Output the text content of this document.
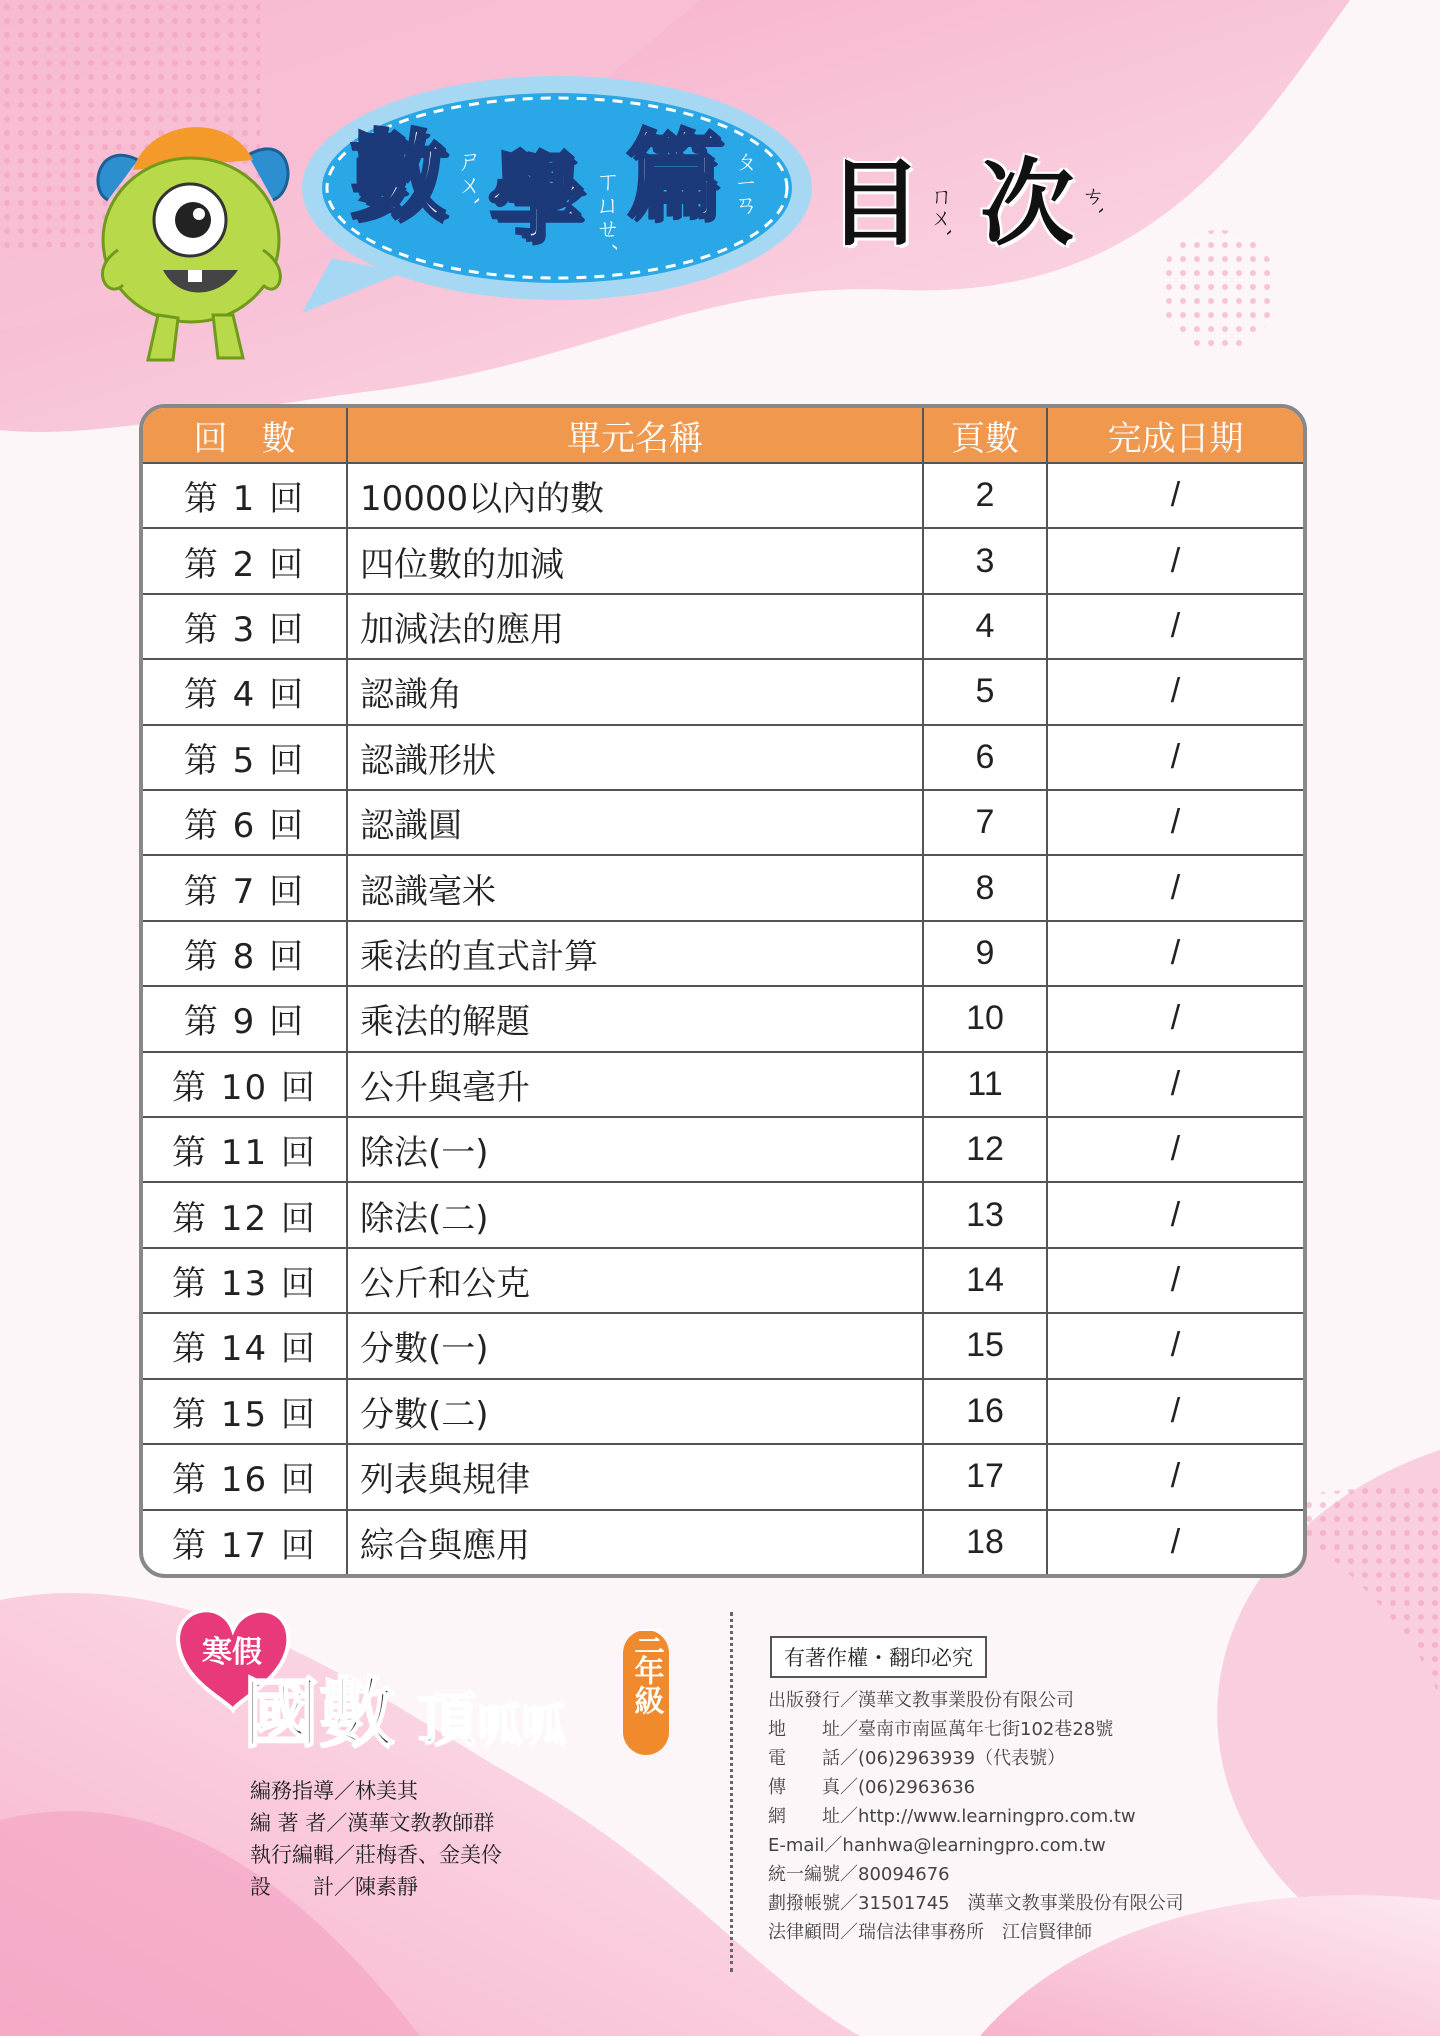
數 ㄕㄨˋ 學 ㄒㄩㄝˊ 篇 ㄆㄧㄢ 目 ㄇㄨˋ 次 ㄘˋ
回　數	單元名稱	頁數	完成日期
第 1 回	10000以內的數	2	/
第 2 回	四位數的加減	3	/
第 3 回	加減法的應用	4	/
第 4 回	認識角	5	/
第 5 回	認識形狀	6	/
第 6 回	認識圓	7	/
第 7 回	認識毫米	8	/
第 8 回	乘法的直式計算	9	/
第 9 回	乘法的解題	10	/
第 10 回	公升與毫升	11	/
第 11 回	除法(一)	12	/
第 12 回	除法(二)	13	/
第 13 回	公斤和公克	14	/
第 14 回	分數(一)	15	/
第 15 回	分數(二)	16	/
第 16 回	列表與規律	17	/
第 17 回	綜合與應用	18	/
寒假
國數 頂 呱呱
三年級
編務指導／林美其
編 著 者／漢華文教教師群
執行編輯／莊梅香、金美伶
設　　計／陳素靜
有著作權・翻印必究
出版發行／漢華文教事業股份有限公司
地　　址／臺南市南區萬年七街102巷28號
電　　話／(06)2963939（代表號）
傳　　真／(06)2963636
網　　址／http://www.learningpro.com.tw
E-mail／hanhwa@learningpro.com.tw
統一編號／80094676
劃撥帳號／31501745　漢華文教事業股份有限公司
法律顧問／瑞信法律事務所　江信賢律師
